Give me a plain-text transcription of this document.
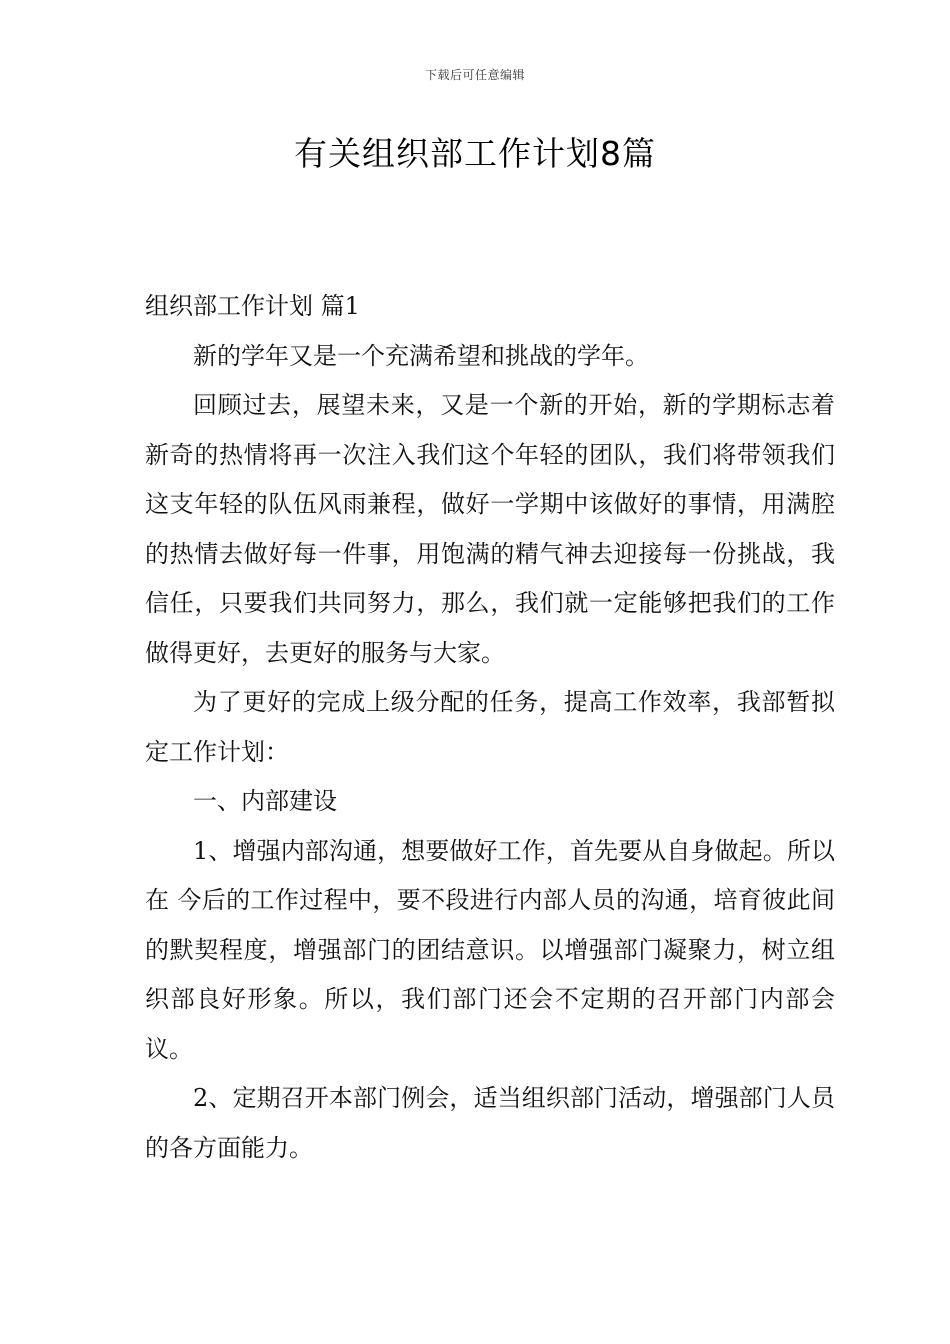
下载后可任意编辑
有关组织部工作计划8篇

组织部工作计划 篇1

新的学年又是一个充满希望和挑战的学年。

回顾过去，展望未来，又是一个新的开始，新的学期标志着新奇的热情将再一次注入我们这个年轻的团队，我们将带领我们这支年轻的队伍风雨兼程，做好一学期中该做好的事情，用满腔的热情去做好每一件事，用饱满的精气神去迎接每一份挑战，我信任，只要我们共同努力，那么，我们就一定能够把我们的工作做得更好，去更好的服务与大家。

为了更好的完成上级分配的任务，提高工作效率，我部暂拟定工作计划：

一、内部建设

1、增强内部沟通，想要做好工作，首先要从自身做起。所以在 今后的工作过程中，要不段进行内部人员的沟通，培育彼此间的默契程度，增强部门的团结意识。以增强部门凝聚力，树立组织部良好形象。所以，我们部门还会不定期的召开部门内部会议。

2、定期召开本部门例会，适当组织部门活动，增强部门人员的各方面能力。
